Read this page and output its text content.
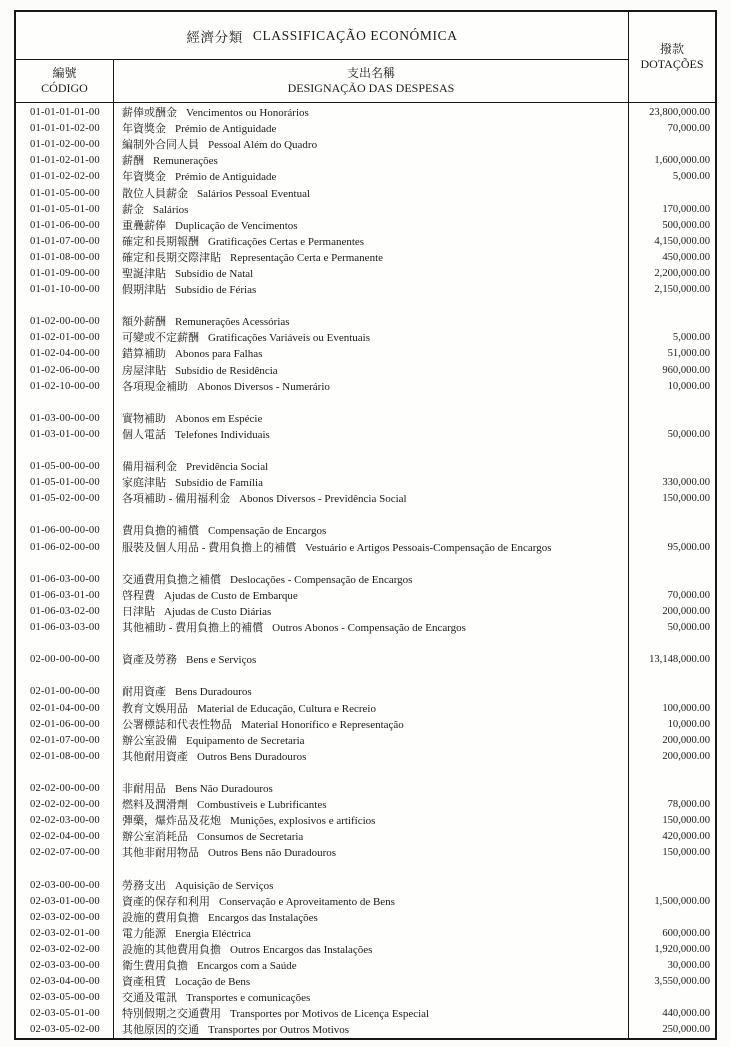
經濟分類 CLASSIFICAÇÃO ECONÓMICA
編號
CÓDIGO
支出名稱
DESIGNAÇÃO DAS DESPESAS
撥款
DOTAÇÕES
01-01-01-01-00	薪俸或酬金 Vencimentos ou Honorários	23,800,000.00
01-01-01-02-00	年資獎金 Prémio de Antiguidade	70,000.00
01-01-02-00-00	編制外合同人員 Pessoal Além do Quadro
01-01-02-01-00	薪酬 Remunerações	1,600,000.00
01-01-02-02-00	年資獎金 Prémio de Antiguidade	5,000.00
01-01-05-00-00	散位人員薪金 Salários Pessoal Eventual
01-01-05-01-00	薪金 Salários	170,000.00
01-01-06-00-00	重疊薪俸 Duplicação de Vencimentos	500,000.00
01-01-07-00-00	確定和長期報酬 Gratificações Certas e Permanentes	4,150,000.00
01-01-08-00-00	確定和長期交際津貼 Representação Certa e Permanente	450,000.00
01-01-09-00-00	聖誕津貼 Subsídio de Natal	2,200,000.00
01-01-10-00-00	假期津貼 Subsídio de Férias	2,150,000.00
01-02-00-00-00	額外薪酬 Remunerações Acessórias
01-02-01-00-00	可變或不定薪酬 Gratificações Variáveis ou Eventuais	5,000.00
01-02-04-00-00	錯算補助 Abonos para Falhas	51,000.00
01-02-06-00-00	房屋津貼 Subsídio de Residência	960,000.00
01-02-10-00-00	各項現金補助 Abonos Diversos - Numerário	10,000.00
01-03-00-00-00	實物補助 Abonos em Espécie
01-03-01-00-00	個人電話 Telefones Individuais	50,000.00
01-05-00-00-00	備用福利金 Previdência Social
01-05-01-00-00	家庭津貼 Subsídio de Família	330,000.00
01-05-02-00-00	各項補助 - 備用福利金 Abonos Diversos - Previdência Social	150,000.00
01-06-00-00-00	費用負擔的補償 Compensação de Encargos
01-06-02-00-00	服裝及個人用品 - 費用負擔上的補償 Vestuário e Artigos Pessoais-Compensação de Encargos	95,000.00
01-06-03-00-00	交通費用負擔之補償 Deslocações - Compensação de Encargos
01-06-03-01-00	啓程費 Ajudas de Custo de Embarque	70,000.00
01-06-03-02-00	日津貼 Ajudas de Custo Diárias	200,000.00
01-06-03-03-00	其他補助 - 費用負擔上的補償 Outros Abonos - Compensação de Encargos	50,000.00
02-00-00-00-00	資產及勞務 Bens e Serviços	13,148,000.00
02-01-00-00-00	耐用資產 Bens Duradouros
02-01-04-00-00	教育文娛用品 Material de Educação, Cultura e Recreio	100,000.00
02-01-06-00-00	公署標誌和代表性物品 Material Honorífico e Representação	10,000.00
02-01-07-00-00	辦公室設備 Equipamento de Secretaria	200,000.00
02-01-08-00-00	其他耐用資產 Outros Bens Duradouros	200,000.00
02-02-00-00-00	非耐用品 Bens Não Duradouros
02-02-02-00-00	燃料及潤滑劑 Combustíveis e Lubrificantes	78,000.00
02-02-03-00-00	彈藥，爆炸品及花炮 Munições, explosivos e artifícios	150,000.00
02-02-04-00-00	辦公室消耗品 Consumos de Secretaria	420,000.00
02-02-07-00-00	其他非耐用物品 Outros Bens não Duradouros	150,000.00
02-03-00-00-00	勞務支出 Aquisição de Serviços
02-03-01-00-00	資產的保存和利用 Conservação e Aproveitamento de Bens	1,500,000.00
02-03-02-00-00	設施的費用負擔 Encargos das Instalações
02-03-02-01-00	電力能源 Energia Eléctrica	600,000.00
02-03-02-02-00	設施的其他費用負擔 Outros Encargos das Instalações	1,920,000.00
02-03-03-00-00	衛生費用負擔 Encargos com a Saúde	30,000.00
02-03-04-00-00	資產租賃 Locação de Bens	3,550,000.00
02-03-05-00-00	交通及電訊 Transportes e comunicações
02-03-05-01-00	特別假期之交通費用 Transportes por Motivos de Licença Especial	440,000.00
02-03-05-02-00	其他原因的交通 Transportes por Outros Motivos	250,000.00
